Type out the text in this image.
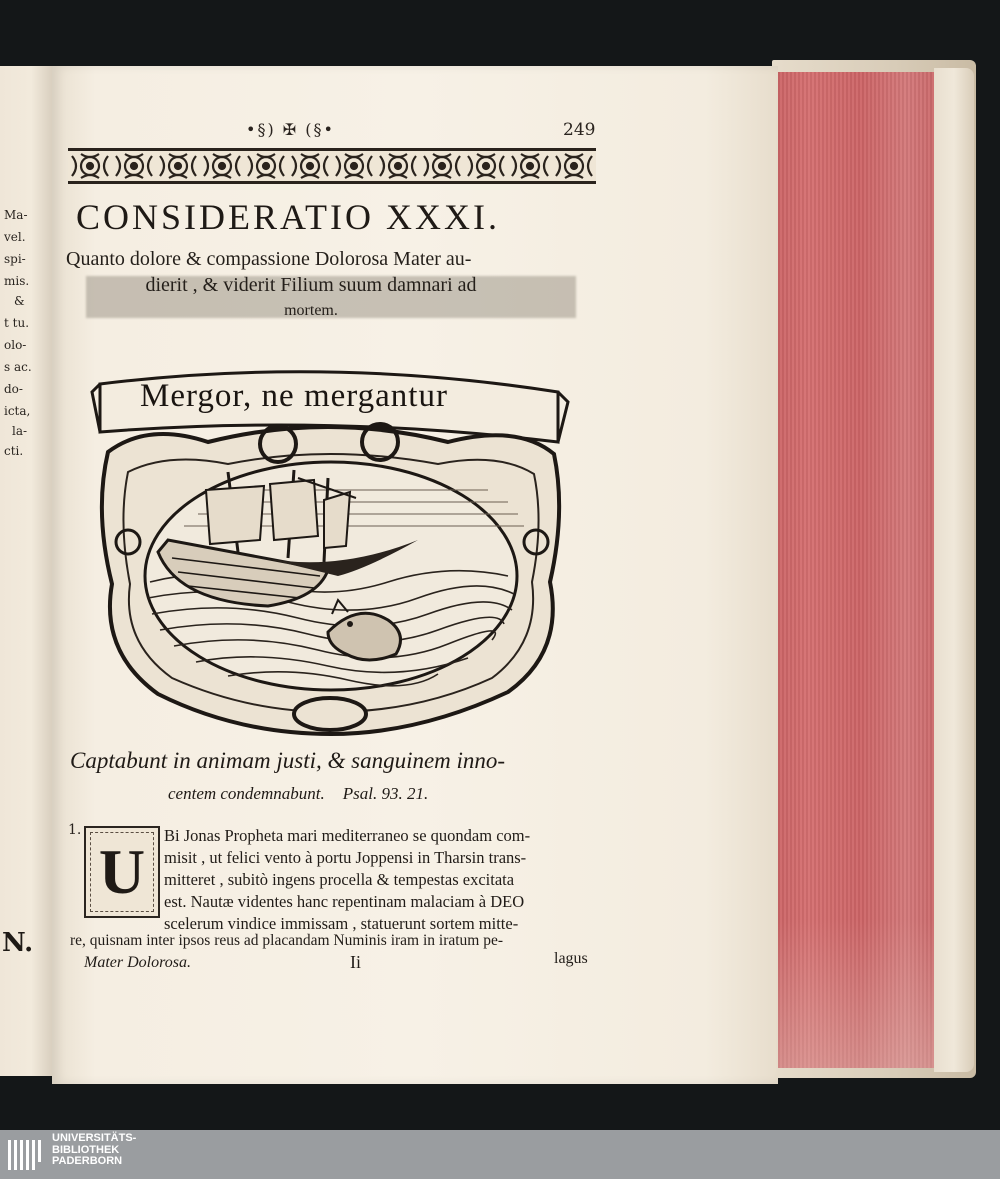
Ma-
vel.
spi-
mis.
&
t tu.
olo-
s ac.
do-
icta,
la-
cti.
N.
•§) ✠ (§•	249
CONSIDERATIO XXXI.
Quanto dolore & compassione Dolorosa Mater au-
dierit , & viderit Filium suum damnari ad
mortem.
Mergor, ne mergantur
Captabunt in animam justi, & sanguinem inno-
centem condemnabunt. Psal. 93. 21.
1.
U
Bi Jonas Propheta mari mediterraneo se quondam com-
misit , ut felici vento à portu Joppensi in Tharsin trans-
mitteret , subitò ingens procella & tempestas excitata
est. Nautæ videntes hanc repentinam malaciam à DEO
scelerum vindice immissam , statuerunt sortem mitte-
re, quisnam inter ipsos reus ad placandam Numinis iram in iratum pe-
Mater Dolorosa.	Ii	lagus
UNIVERSITÄTS-
BIBLIOTHEK
PADERBORN
